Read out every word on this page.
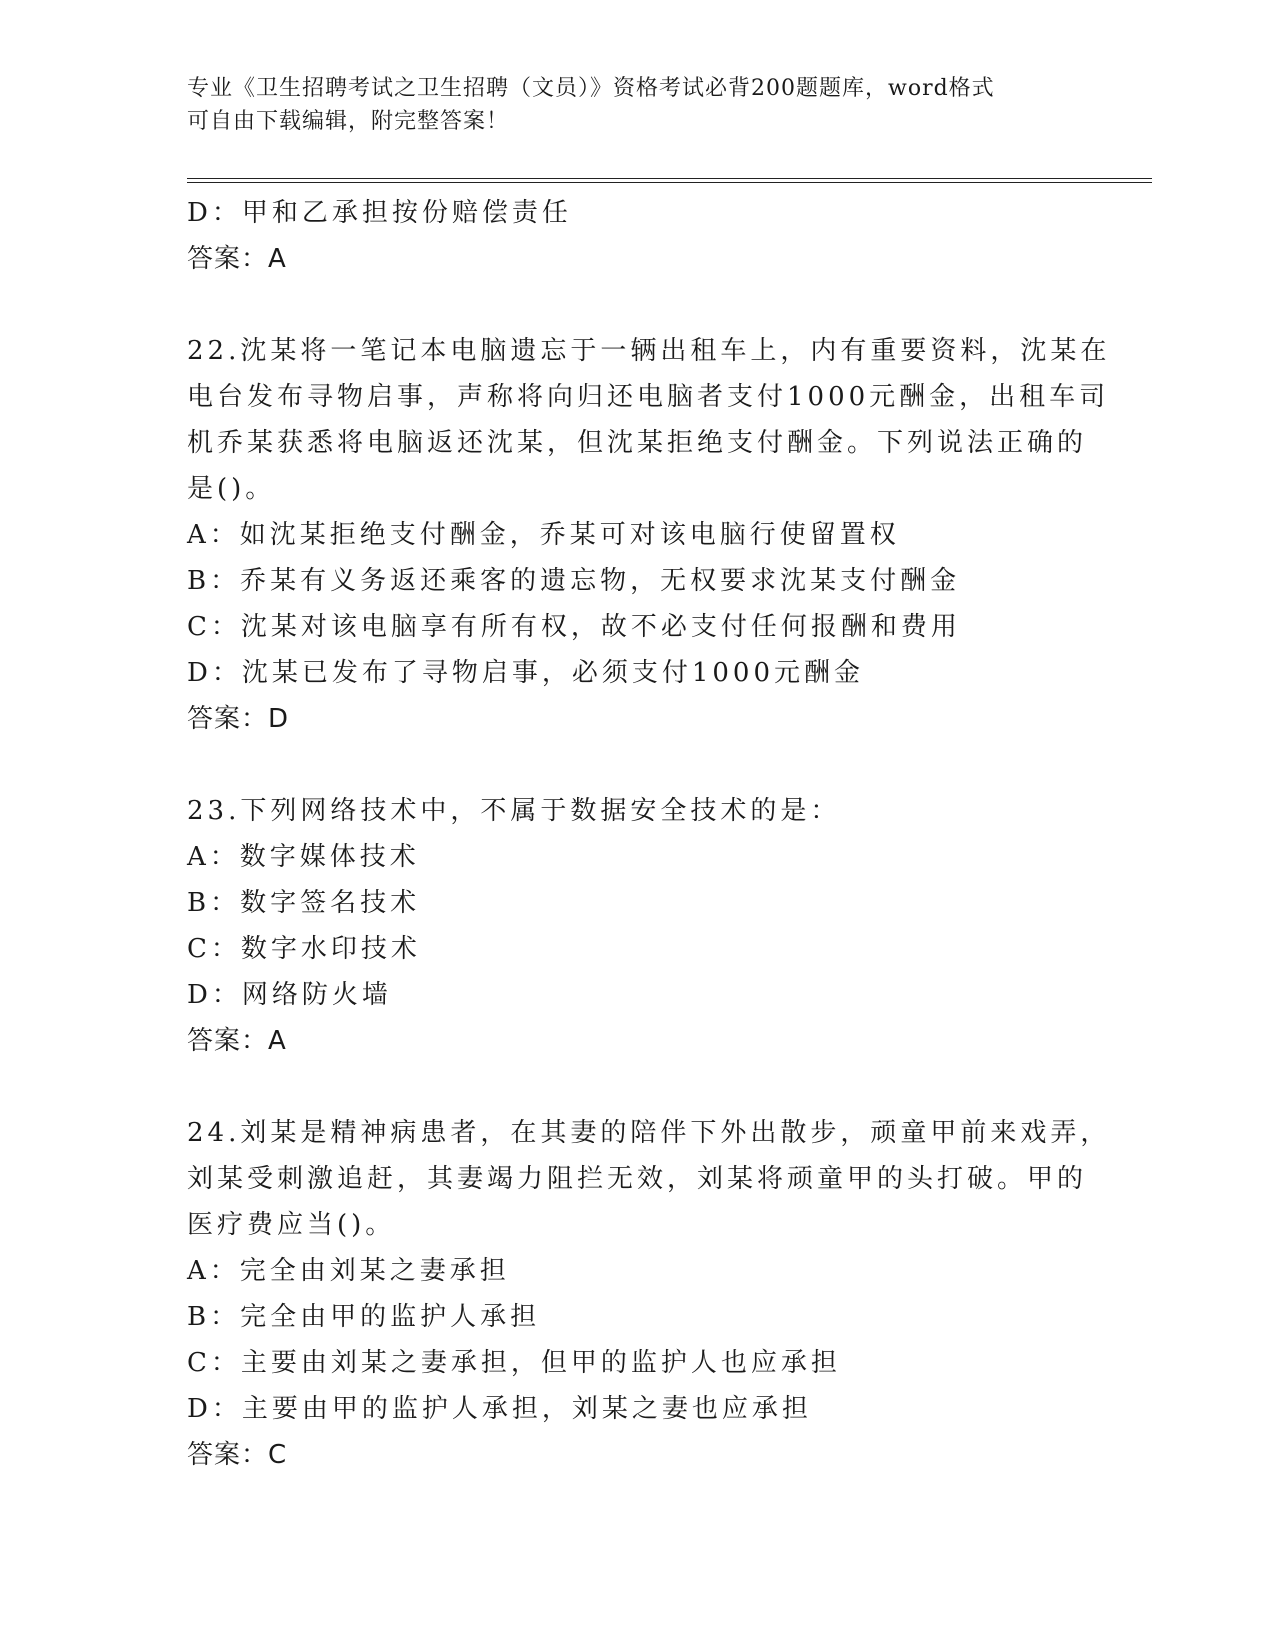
专业《卫生招聘考试之卫生招聘（文员）》资格考试必背200题题库，word格式
可自由下载编辑，附完整答案！
D：甲和乙承担按份赔偿责任
答案：A
22.沈某将一笔记本电脑遗忘于一辆出租车上，内有重要资料，沈某在
电台发布寻物启事，声称将向归还电脑者支付1000元酬金，出租车司
机乔某获悉将电脑返还沈某，但沈某拒绝支付酬金。下列说法正确的
是()。
A：如沈某拒绝支付酬金，乔某可对该电脑行使留置权
B：乔某有义务返还乘客的遗忘物，无权要求沈某支付酬金
C：沈某对该电脑享有所有权，故不必支付任何报酬和费用
D：沈某已发布了寻物启事，必须支付1000元酬金
答案：D
23.下列网络技术中，不属于数据安全技术的是：
A：数字媒体技术
B：数字签名技术
C：数字水印技术
D：网络防火墙
答案：A
24.刘某是精神病患者，在其妻的陪伴下外出散步，顽童甲前来戏弄，
刘某受刺激追赶，其妻竭力阻拦无效，刘某将顽童甲的头打破。甲的
医疗费应当()。
A：完全由刘某之妻承担
B：完全由甲的监护人承担
C：主要由刘某之妻承担，但甲的监护人也应承担
D：主要由甲的监护人承担，刘某之妻也应承担
答案：C
